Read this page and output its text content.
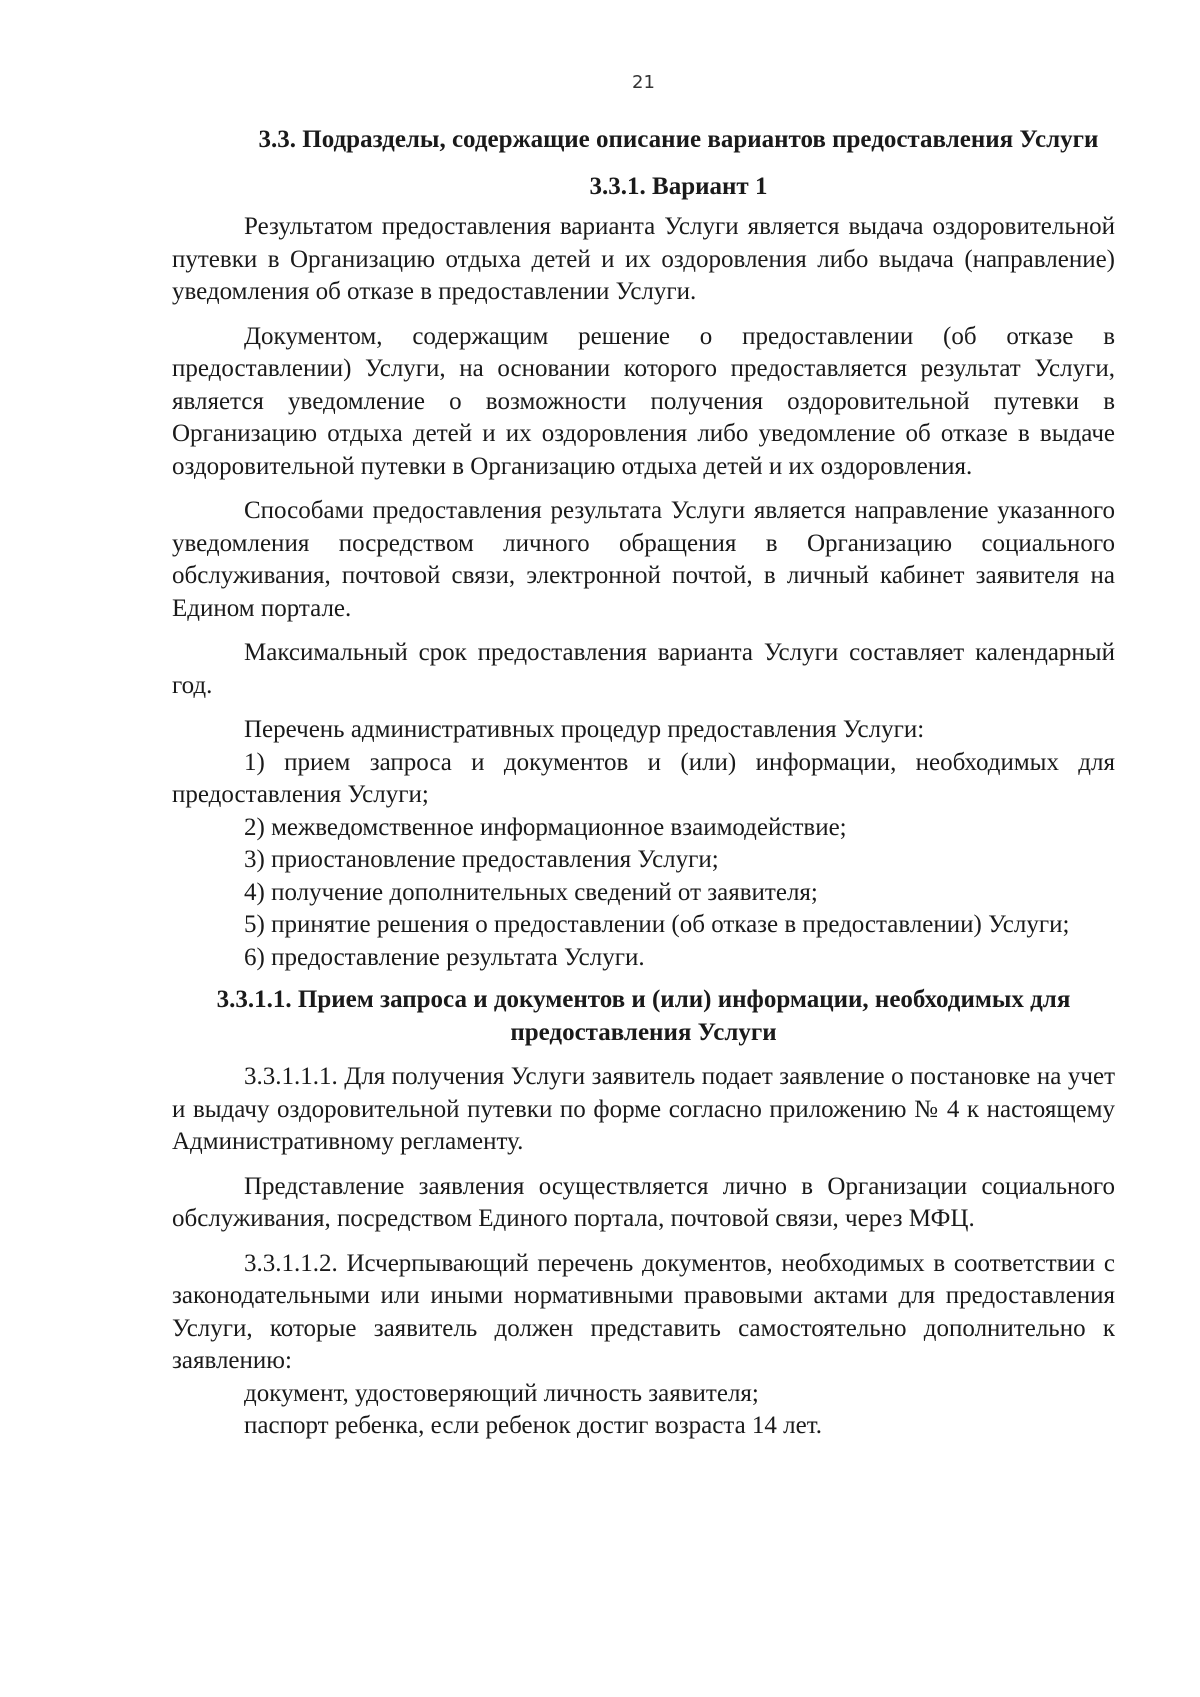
21

3.3. Подразделы, содержащие описание вариантов предоставления Услуги

3.3.1. Вариант 1

Результатом предоставления варианта Услуги является выдача оздоровительной путевки в Организацию отдыха детей и их оздоровления либо выдача (направление) уведомления об отказе в предоставлении Услуги.

Документом, содержащим решение о предоставлении (об отказе в предоставлении) Услуги, на основании которого предоставляется результат Услуги, является уведомление о возможности получения оздоровительной путевки в Организацию отдыха детей и их оздоровления либо уведомление об отказе в выдаче оздоровительной путевки в Организацию отдыха детей и их оздоровления.

Способами предоставления результата Услуги является направление указанного уведомления посредством личного обращения в Организацию социального обслуживания, почтовой связи, электронной почтой, в личный кабинет заявителя на Едином портале.

Максимальный срок предоставления варианта Услуги составляет календарный год.

Перечень административных процедур предоставления Услуги:

1) прием запроса и документов и (или) информации, необходимых для предоставления Услуги;

2) межведомственное информационное взаимодействие;

3) приостановление предоставления Услуги;

4) получение дополнительных сведений от заявителя;

5) принятие решения о предоставлении (об отказе в предоставлении) Услуги;

6) предоставление результата Услуги.

3.3.1.1. Прием запроса и документов и (или) информации, необходимых для предоставления Услуги

3.3.1.1.1. Для получения Услуги заявитель подает заявление о постановке на учет и выдачу оздоровительной путевки по форме согласно приложению № 4 к настоящему Административному регламенту.

Представление заявления осуществляется лично в Организации социального обслуживания, посредством Единого портала, почтовой связи, через МФЦ.

3.3.1.1.2. Исчерпывающий перечень документов, необходимых в соответствии с законодательными или иными нормативными правовыми актами для предоставления Услуги, которые заявитель должен представить самостоятельно дополнительно к заявлению:

документ, удостоверяющий личность заявителя;

паспорт ребенка, если ребенок достиг возраста 14 лет.
